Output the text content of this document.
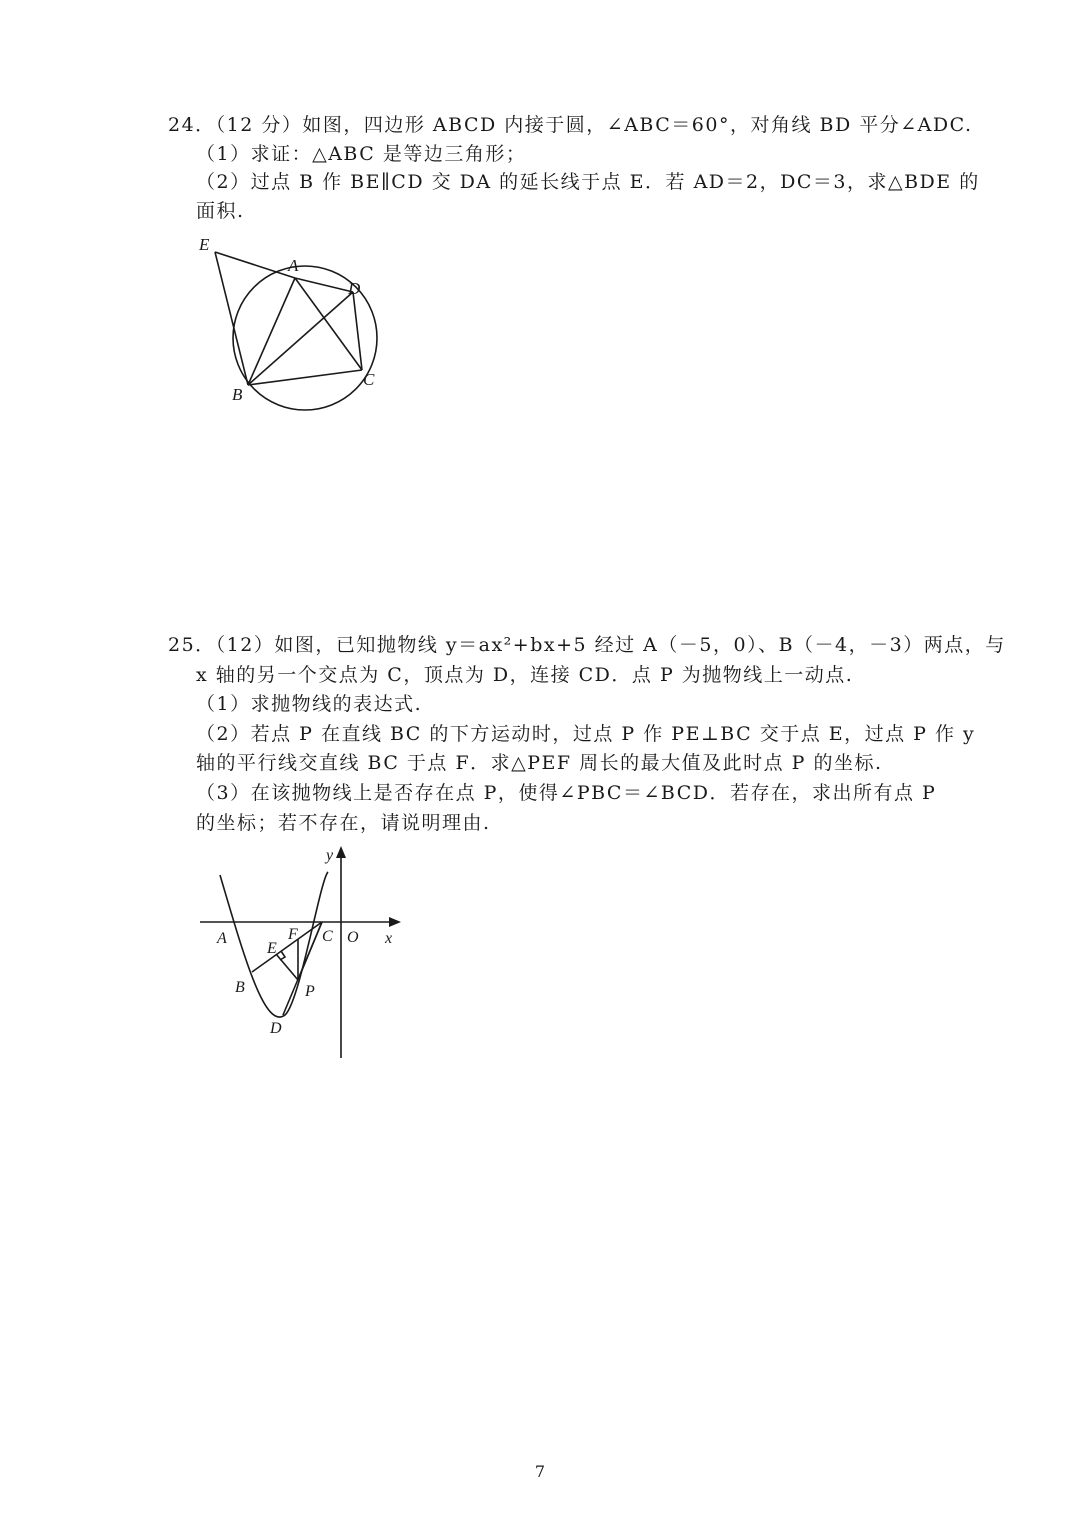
24．（12 分）如图，四边形 ABCD 内接于圆，∠ABC＝60°，对角线 BD 平分∠ADC.
（1）求证：△ABC 是等边三角形；
（2）过点 B 作 BE∥CD 交 DA 的延长线于点 E．若 AD＝2，DC＝3，求△BDE 的
面积.
E
A
D
B
C
25．（12）如图，已知抛物线 y＝ax²+bx+5 经过 A（－5，0）、B（－4，－3）两点，与
x 轴的另一个交点为 C，顶点为 D，连接 CD．点 P 为抛物线上一动点.
（1）求抛物线的表达式.
（2）若点 P 在直线 BC 的下方运动时，过点 P 作 PE⊥BC 交于点 E，过点 P 作 y
轴的平行线交直线 BC 于点 F．求△PEF 周长的最大值及此时点 P 的坐标.
（3）在该抛物线上是否存在点 P，使得∠PBC＝∠BCD．若存在，求出所有点 P
的坐标；若不存在，请说明理由.
y
x
O
A	C
F
E
B	P
D
7
